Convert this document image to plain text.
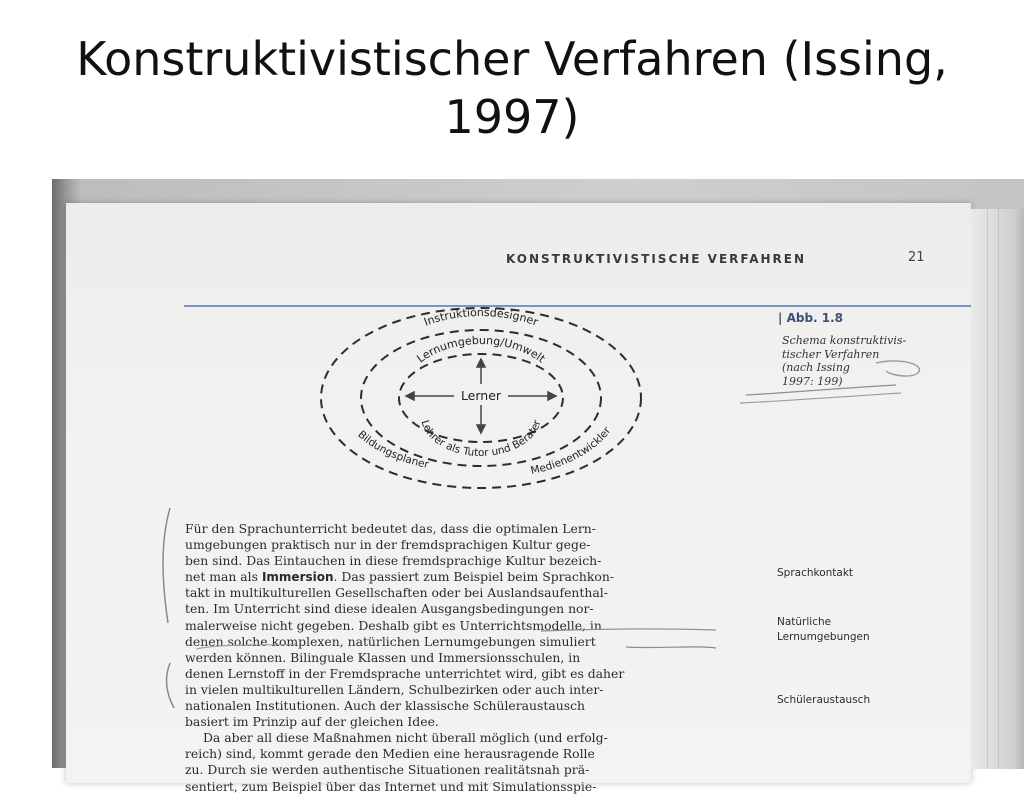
Konstruktivistischer Verfahren (Issing, 1997)
KONSTRUKTIVISTISCHE VERFAHREN	21
| Abb. 1.8
Schema konstruktivis-
tischer Verfahren
(nach Issing
1997: 199)
Instruktionsdesigner
Lernumgebung/Umwelt
Lehrer als Tutor und Berater
Bildungsplaner	Medienentwickler
Lerner
Für den Sprachunterricht bedeutet das, dass die optimalen Lern-
umgebungen praktisch nur in der fremdsprachigen Kultur gege-
ben sind. Das Eintauchen in diese fremdsprachige Kultur bezeich-
net man als Immersion. Das passiert zum Beispiel beim Sprachkon-
takt in multikulturellen Gesellschaften oder bei Auslandsaufenthal-
ten. Im Unterricht sind diese idealen Ausgangsbedingungen nor-
malerweise nicht gegeben. Deshalb gibt es Unterrichtsmodelle, in
denen solche komplexen, natürlichen Lernumgebungen simuliert
werden können. Bilinguale Klassen und Immersionsschulen, in
denen Lernstoff in der Fremdsprache unterrichtet wird, gibt es daher
in vielen multikulturellen Ländern, Schulbezirken oder auch inter-
nationalen Institutionen. Auch der klassische Schüleraustausch
basiert im Prinzip auf der gleichen Idee.
Da aber all diese Maßnahmen nicht überall möglich (und erfolg-
reich) sind, kommt gerade den Medien eine herausragende Rolle
zu. Durch sie werden authentische Situationen realitätsnah prä-
sentiert, zum Beispiel über das Internet und mit Simulationsspie-
Sprachkontakt
Natürliche
Lernumgebungen
Schüleraustausch
